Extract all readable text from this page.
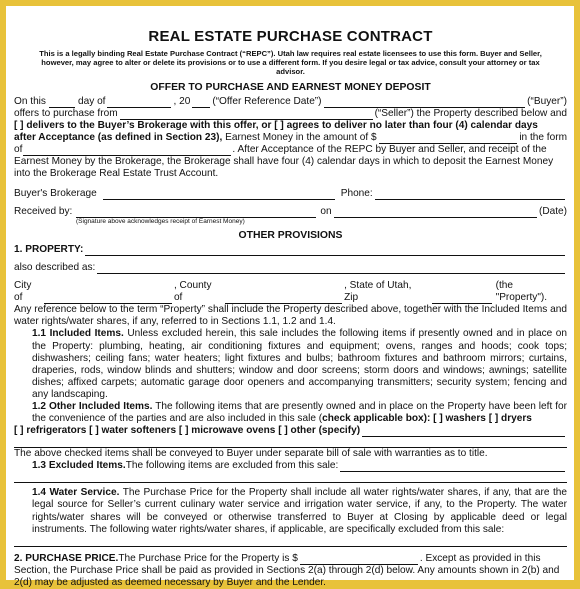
REAL ESTATE PURCHASE CONTRACT
This is a legally binding Real Estate Purchase Contract (“REPC”). Utah law requires real estate licensees to use this form. Buyer and Seller,
however, may agree to alter or delete its provisions or to use a different form. If you desire legal or tax advice, consult your attorney or tax
advisor.
OFFER TO PURCHASE AND EARNEST MONEY DEPOSIT
On this	day of	, 20 (“Offer Reference Date”)	(“Buyer”)
offers to purchase from	(“Seller”) the Property described below and
[ ] delivers to the Buyer’s Brokerage with this offer, or [ ] agrees to deliver no later than four (4) calendar days
after Acceptance (as defined in Section 23),
Earnest Money in the amount of $	in the form
of	. After Acceptance of the REPC by Buyer and Seller, and receipt of the
Earnest Money by the Brokerage, the Brokerage shall have four (4) calendar days in which to deposit the Earnest Money
into the Brokerage Real Estate Trust Account.
Buyer's Brokerage	Phone:
Received by:	on	(Date)
(Signature above acknowledges receipt of Earnest Money)
OTHER PROVISIONS
1. PROPERTY:
also described as:
City of
, County of
, State of Utah, Zip
(the "Property").
Any reference below to the term “Property” shall include the Property described above, together with the Included Items and water rights/water shares, if any, referred to in Sections 1.1, 1.2 and 1.4.
1.1 Included Items. Unless excluded herein, this sale includes the following items if presently owned and in place on the Property: plumbing, heating, air conditioning fixtures and equipment; ovens, ranges and hoods; cook tops; dishwashers; ceiling fans; water heaters; light fixtures and bulbs; bathroom fixtures and bathroom mirrors; curtains, draperies, rods, window blinds and shutters; window and door screens; storm doors and windows; awnings; satellite dishes; affixed carpets; automatic garage door openers and accompanying transmitters; security system; fencing and any landscaping.
1.2 Other Included Items. The following items that are presently owned and in place on the Property have been left for the convenience of the parties and are also included in this sale (check applicable box): [ ] washers [ ] dryers
[ ] refrigerators [ ] water softeners [ ] microwave ovens [ ] other (specify)
The above checked items shall be conveyed to Buyer under separate bill of sale with warranties as to title.
1.3 Excluded Items. The following items are excluded from this sale:
1.4 Water Service. The Purchase Price for the Property shall include all water rights/water shares, if any, that are the legal source for Seller’s current culinary water service and irrigation water service, if any, to the Property. The water rights/water shares will be conveyed or otherwise transferred to Buyer at Closing by applicable deed or legal instruments. The following water rights/water shares, if applicable, are specifically excluded from this sale:
2. PURCHASE PRICE. The Purchase Price for the Property is $	. Except as provided in this
Section, the Purchase Price shall be paid as provided in Sections 2(a) through 2(d) below. Any amounts shown in 2(b) and
2(d) may be adjusted as deemed necessary by Buyer and the Lender.
